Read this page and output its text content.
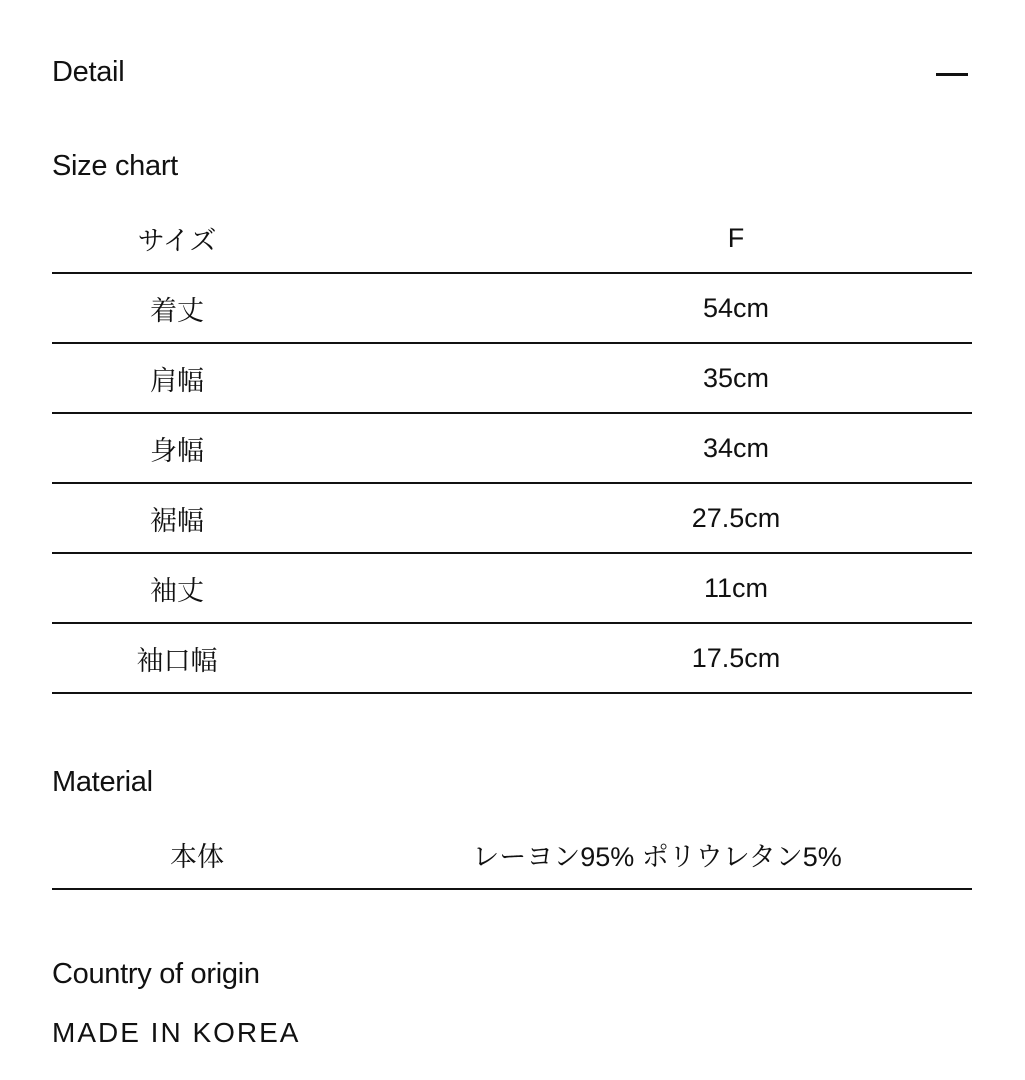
Detail
Size chart
サイズ	F
着丈	54cm
肩幅	35cm
身幅	34cm
裾幅	27.5cm
袖丈	11cm
袖口幅	17.5cm
Material
本体	レーヨン95% ポリウレタン5%
Country of origin
MADE IN KOREA
